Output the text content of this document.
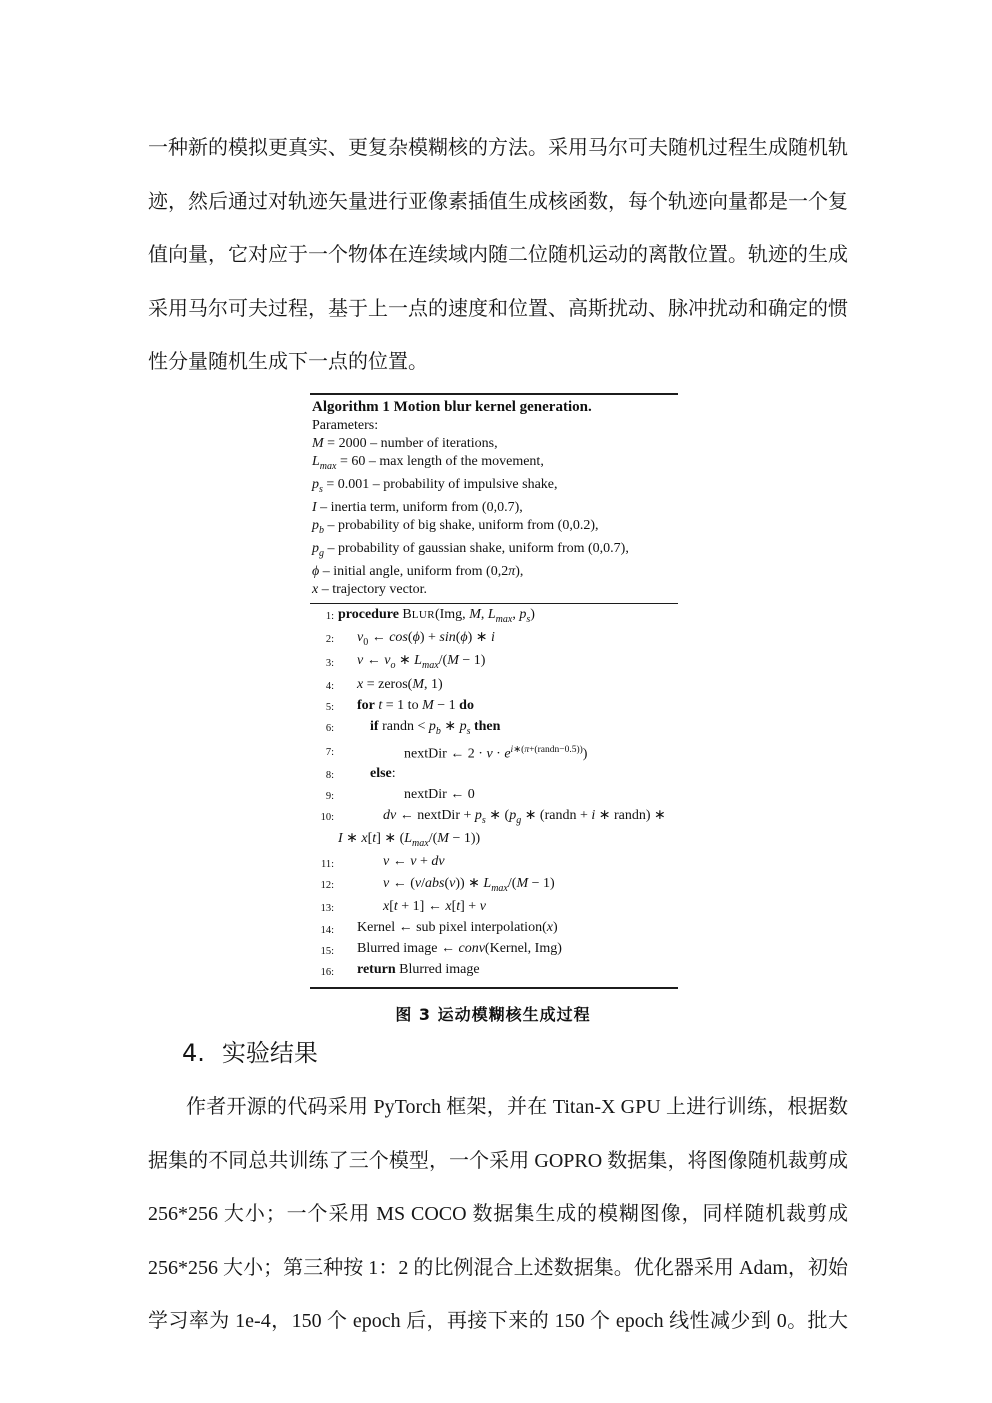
一种新的模拟更真实、更复杂模糊核的方法。采用马尔可夫随机过程生成随机轨
迹，然后通过对轨迹矢量进行亚像素插值生成核函数，每个轨迹向量都是一个复
值向量，它对应于一个物体在连续域内随二位随机运动的离散位置。轨迹的生成
采用马尔可夫过程，基于上一点的速度和位置、高斯扰动、脉冲扰动和确定的惯
性分量随机生成下一点的位置。
Algorithm 1 Motion blur kernel generation.
Parameters:
M = 2000 – number of iterations,
$L_{max} = 60 - \max$ length of the movement,
$p_s = 0.001$ – probability of impulsive shake,
I – inertia term, uniform from (0,0.7),
$p_b$ – probability of big shake, uniform from (0,0.2),
$p_g$ – probability of gaussian shake, uniform from (0,0.7),
ϕ – initial angle, uniform from (0,2π),
x – trajectory vector.
1: procedure BLUR(Img, M, $L_{max}$, $p_s$)
2: $v_0$ ← cos(ϕ) + sin(ϕ) ∗ i
3: v ← $v_o$ ∗ $L_{max}/(M - 1)$
4: x = zeros(M, 1)
5: for t = 1 to M − 1 do
6:	if randn < $p_b$ ∗ $p_s$ then
7:	nextDir ← $2 \cdot v \cdot e^{i∗(\pi+(randn-0.5))}$)
8:	else:
9:	nextDir ← 0
10:	dv ← nextDir + $p_s$ ∗ ($p_g$ ∗ (randn + i ∗ randn) ∗
I ∗ x[t] ∗ $(L_{max}/(M - 1))$
11:	v ← v + dv
12:	v ← (v/abs(v)) ∗ $L_{max}/(M - 1)$
13:	x[t + 1] ← x[t] + v
14: Kernel ← sub pixel interpolation(x)
15: Blurred image ← conv(Kernel, Img)
16: return Blurred image
图 3 运动模糊核生成过程
4. 实验结果
作者开源的代码采用 PyTorch 框架，并在 Titan-X GPU 上进行训练，根据数
据集的不同总共训练了三个模型，一个采用 GOPRO 数据集，将图像随机裁剪成
256*256 大小；一个采用 MS COCO 数据集生成的模糊图像，同样随机裁剪成
256*256 大小；第三种按 1：2 的比例混合上述数据集。优化器采用 Adam，初始
学习率为 1e-4，150 个 epoch 后，再接下来的 150 个 epoch 线性减少到 0。批大
